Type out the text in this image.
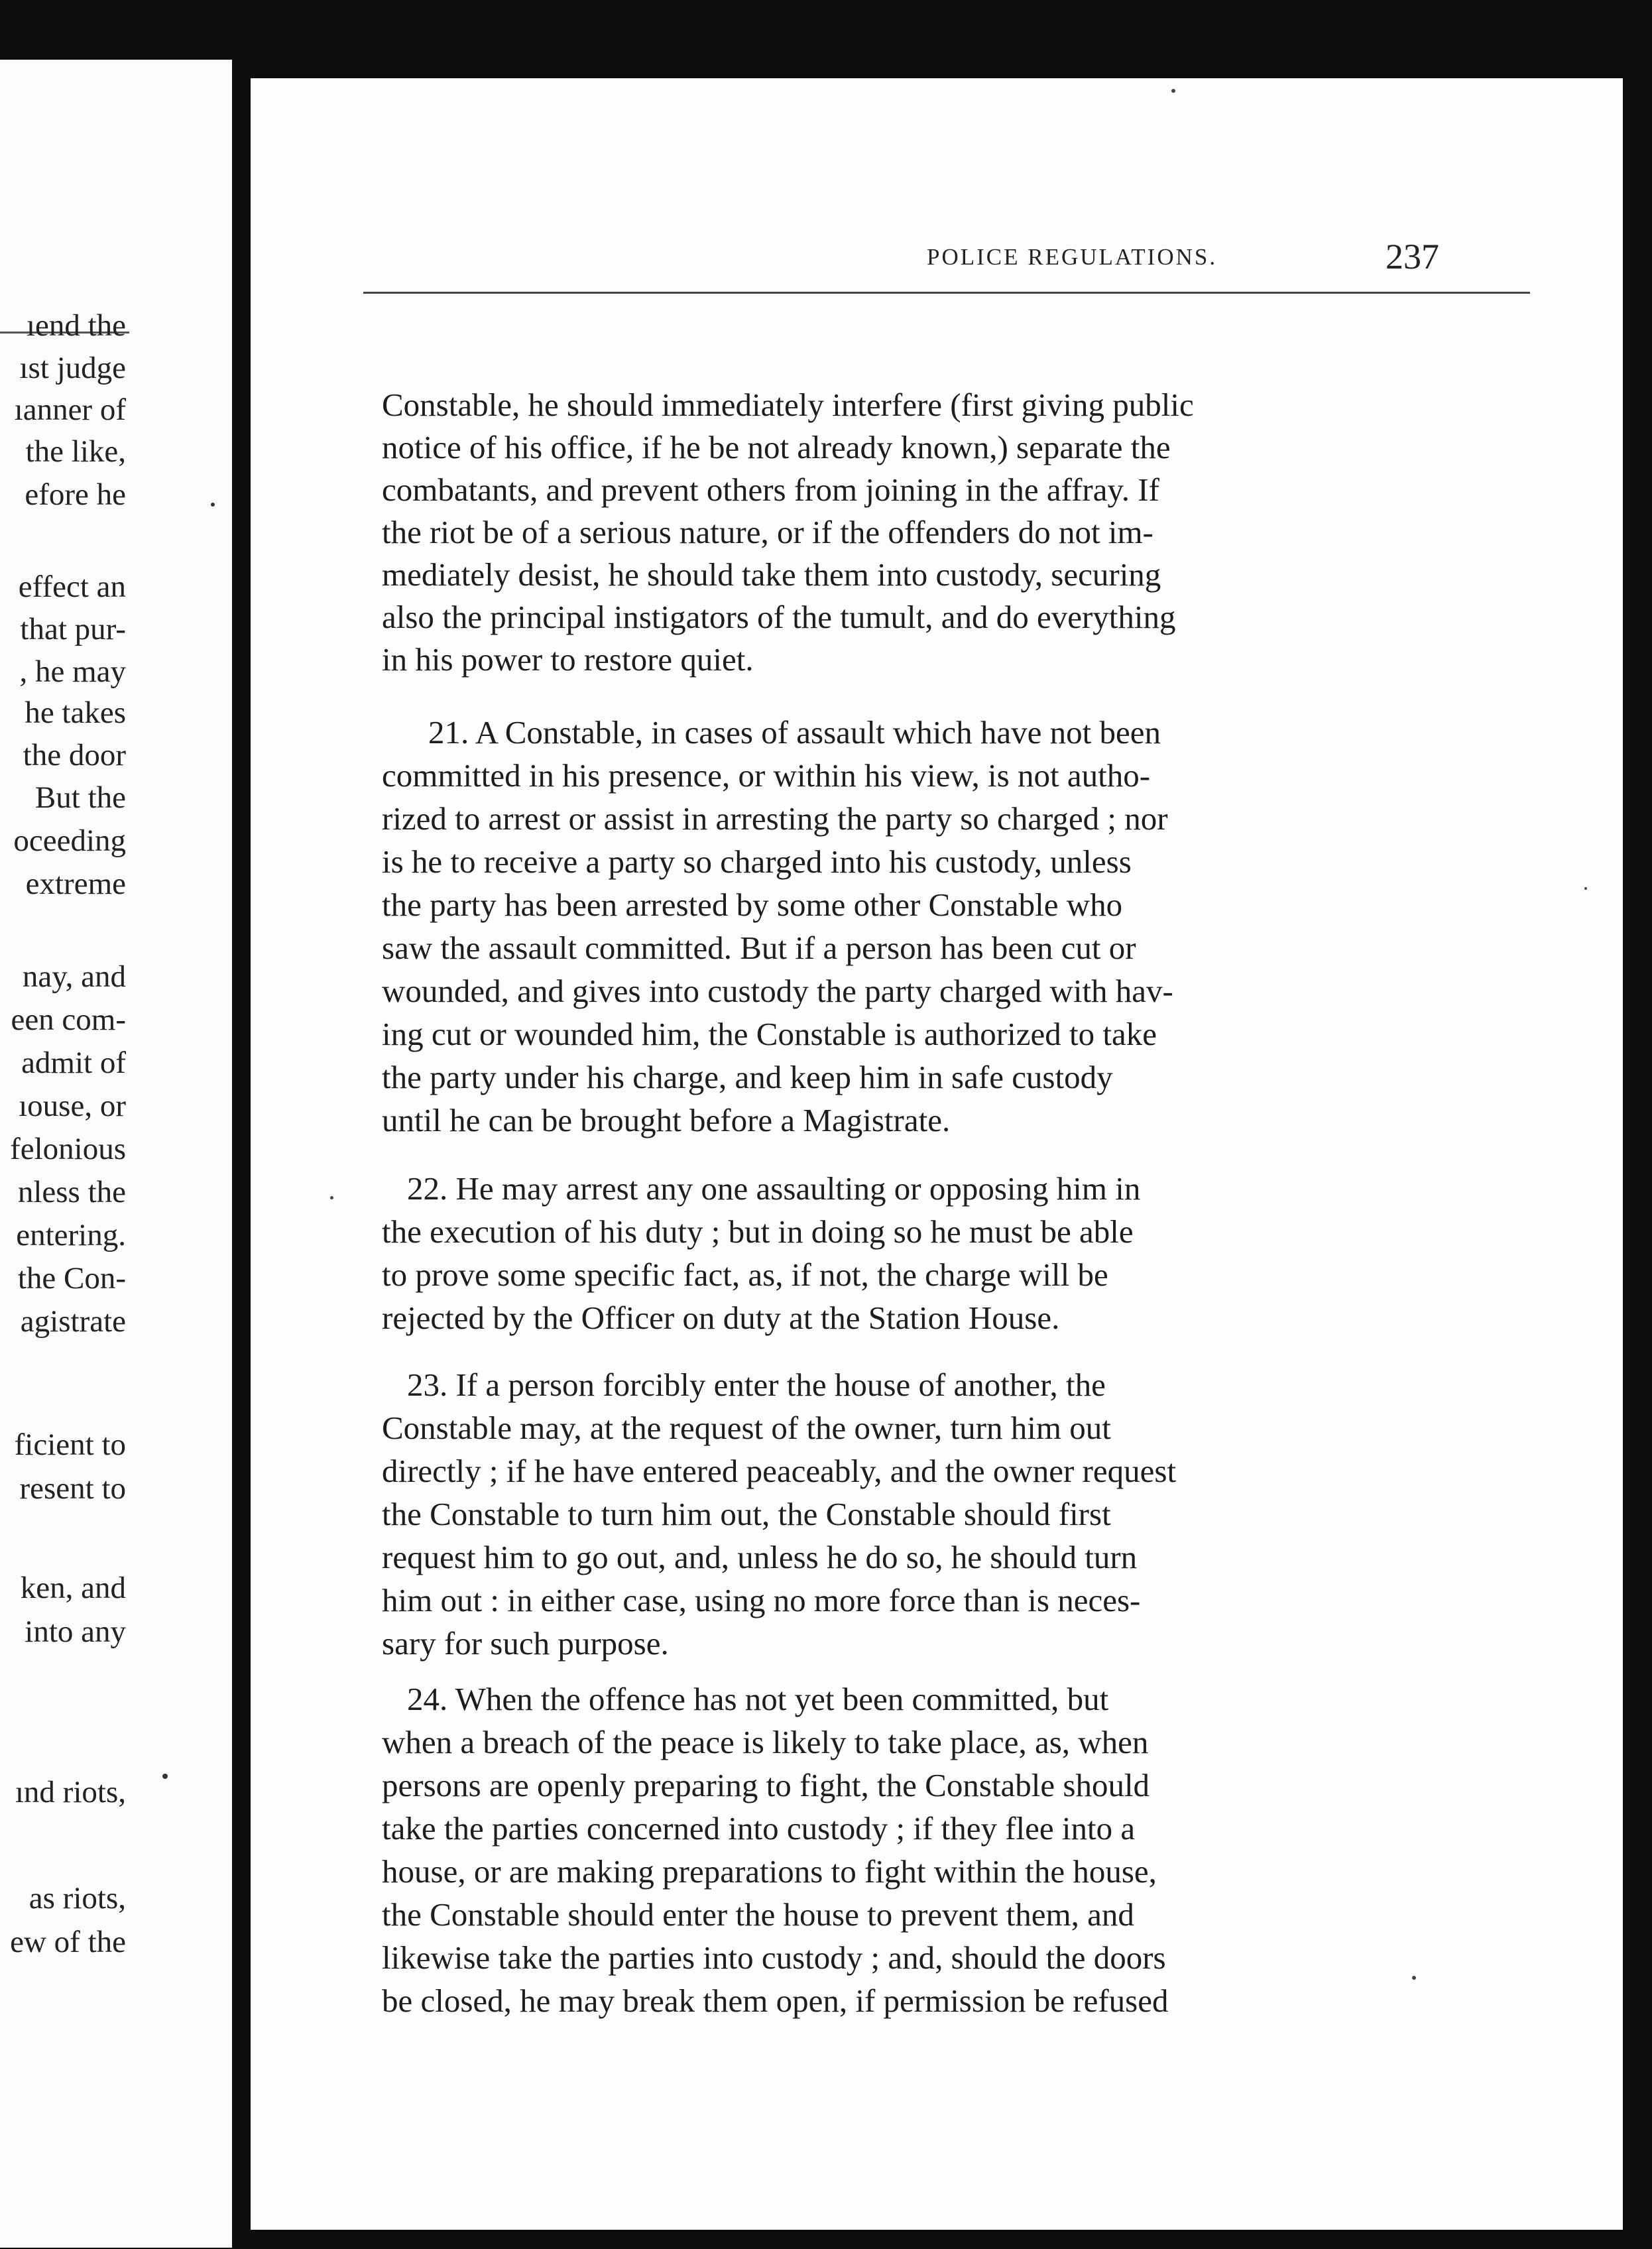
ıend the
ıst judge
ıanner of
the like,
efore he
effect an
that pur-
, he may
he takes
the door
But the
oceeding
extreme
nay, and
een com-
admit of
ıouse, or
felonious
nless the
entering.
the Con-
agistrate
ficient to
resent to
ken, and
into any
ınd riots,
as riots,
ew of the
POLICE REGULATIONS.	237
Constable, he should immediately interfere (first giving public
notice of his office, if he be not already known,) separate the
combatants, and prevent others from joining in the affray. If
the riot be of a serious nature, or if the offenders do not im-
mediately desist, he should take them into custody, securing
also the principal instigators of the tumult, and do everything
in his power to restore quiet.
21. A Constable, in cases of assault which have not been
committed in his presence, or within his view, is not autho-
rized to arrest or assist in arresting the party so charged ; nor
is he to receive a party so charged into his custody, unless
the party has been arrested by some other Constable who
saw the assault committed. But if a person has been cut or
wounded, and gives into custody the party charged with hav-
ing cut or wounded him, the Constable is authorized to take
the party under his charge, and keep him in safe custody
until he can be brought before a Magistrate.
22. He may arrest any one assaulting or opposing him in
the execution of his duty ; but in doing so he must be able
to prove some specific fact, as, if not, the charge will be
rejected by the Officer on duty at the Station House.
23. If a person forcibly enter the house of another, the
Constable may, at the request of the owner, turn him out
directly ; if he have entered peaceably, and the owner request
the Constable to turn him out, the Constable should first
request him to go out, and, unless he do so, he should turn
him out : in either case, using no more force than is neces-
sary for such purpose.
24. When the offence has not yet been committed, but
when a breach of the peace is likely to take place, as, when
persons are openly preparing to fight, the Constable should
take the parties concerned into custody ; if they flee into a
house, or are making preparations to fight within the house,
the Constable should enter the house to prevent them, and
likewise take the parties into custody ; and, should the doors
be closed, he may break them open, if permission be refused
